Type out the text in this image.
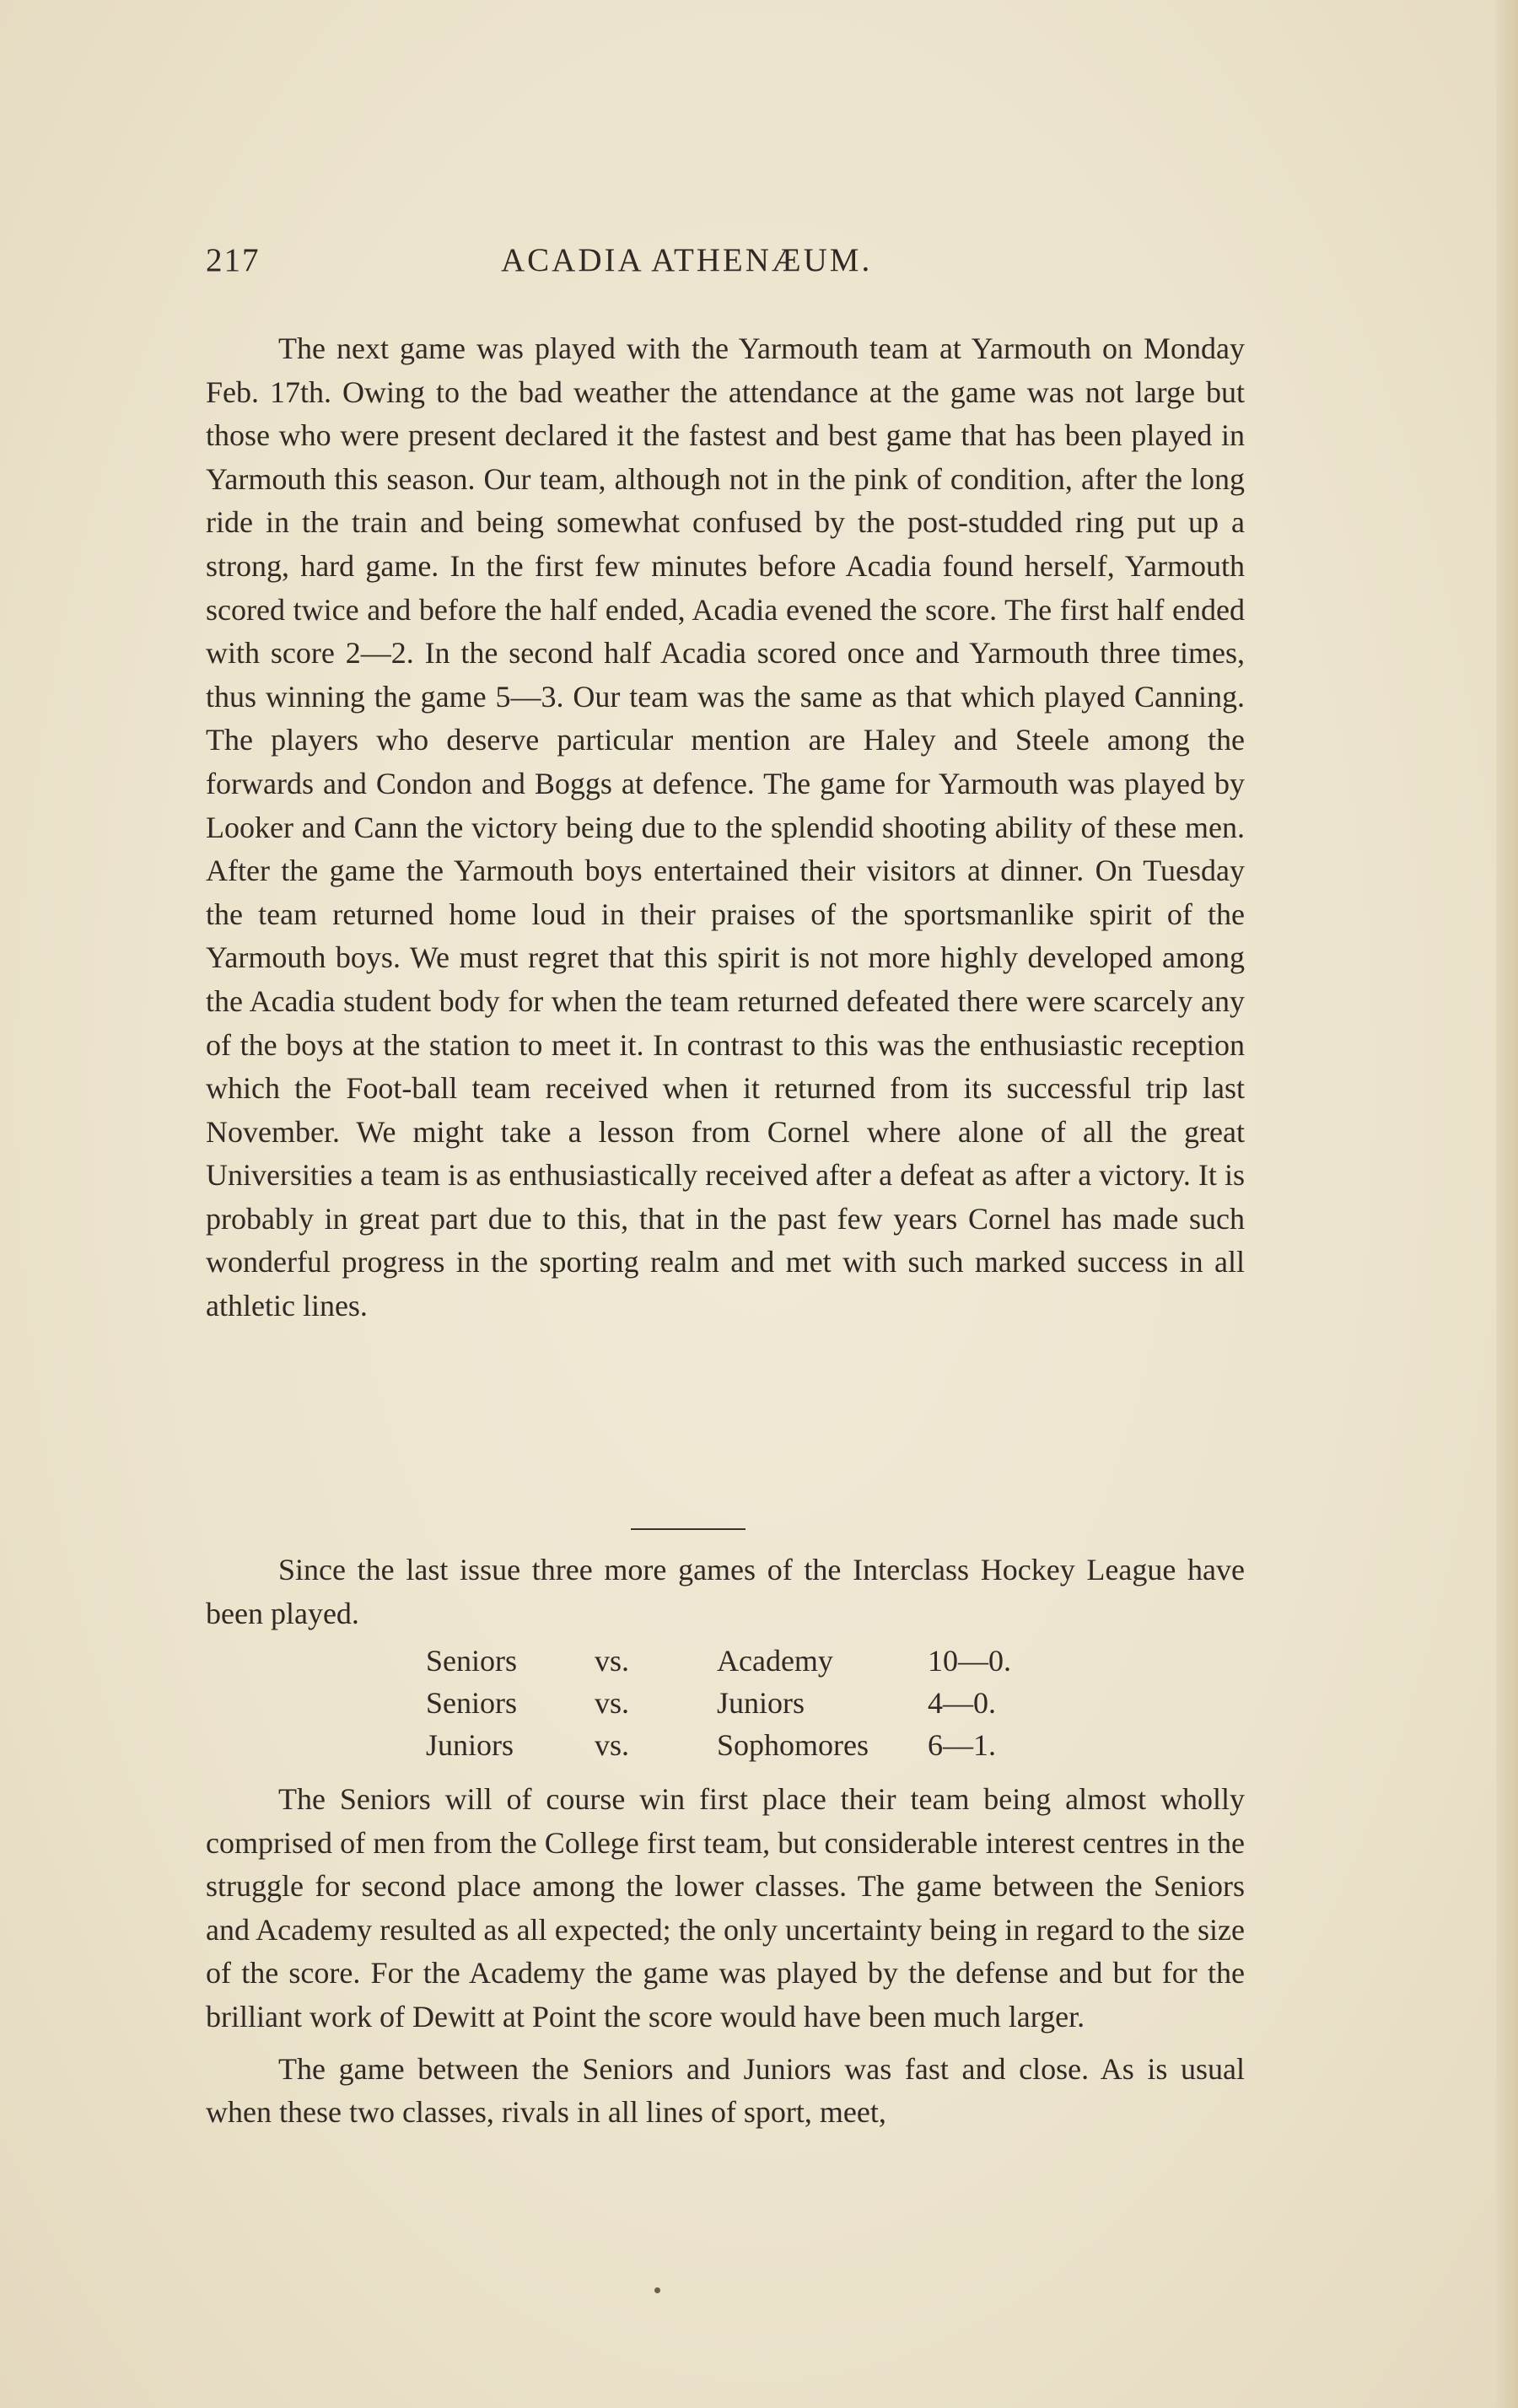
217	ACADIA ATHENÆUM.

The next game was played with the Yarmouth team at Yarmouth on Monday Feb. 17th. Owing to the bad weather the attendance at the game was not large but those who were present declared it the fastest and best game that has been played in Yarmouth this season. Our team, although not in the pink of condition, after the long ride in the train and being somewhat confused by the post-studded ring put up a strong, hard game. In the first few minutes before Acadia found herself, Yarmouth scored twice and before the half ended, Acadia evened the score. The first half ended with score 2—2. In the second half Acadia scored once and Yarmouth three times, thus winning the game 5—3. Our team was the same as that which played Canning. The players who deserve particular mention are Haley and Steele among the forwards and Condon and Boggs at defence. The game for Yarmouth was played by Looker and Cann the victory being due to the splendid shooting ability of these men. After the game the Yarmouth boys entertained their visitors at dinner. On Tuesday the team returned home loud in their praises of the sportsmanlike spirit of the Yarmouth boys. We must regret that this spirit is not more highly developed among the Acadia student body for when the team returned defeated there were scarcely any of the boys at the station to meet it. In contrast to this was the enthusiastic reception which the Foot-ball team received when it returned from its successful trip last November. We might take a lesson from Cornel where alone of all the great Universities a team is as enthusiastically received after a defeat as after a victory. It is probably in great part due to this, that in the past few years Cornel has made such wonderful progress in the sporting realm and met with such marked success in all athletic lines.

Since the last issue three more games of the Interclass Hockey League have been played.

Seniors	vs.	Academy	10—0.
Seniors	vs.	Juniors	4—0.
Juniors	vs.	Sophomores 6—1.

The Seniors will of course win first place their team being almost wholly comprised of men from the College first team, but considerable interest centres in the struggle for second place among the lower classes. The game between the Seniors and Academy resulted as all expected; the only uncertainty being in regard to the size of the score. For the Academy the game was played by the defense and but for the brilliant work of Dewitt at Point the score would have been much larger.

The game between the Seniors and Juniors was fast and close. As is usual when these two classes, rivals in all lines of sport, meet,
